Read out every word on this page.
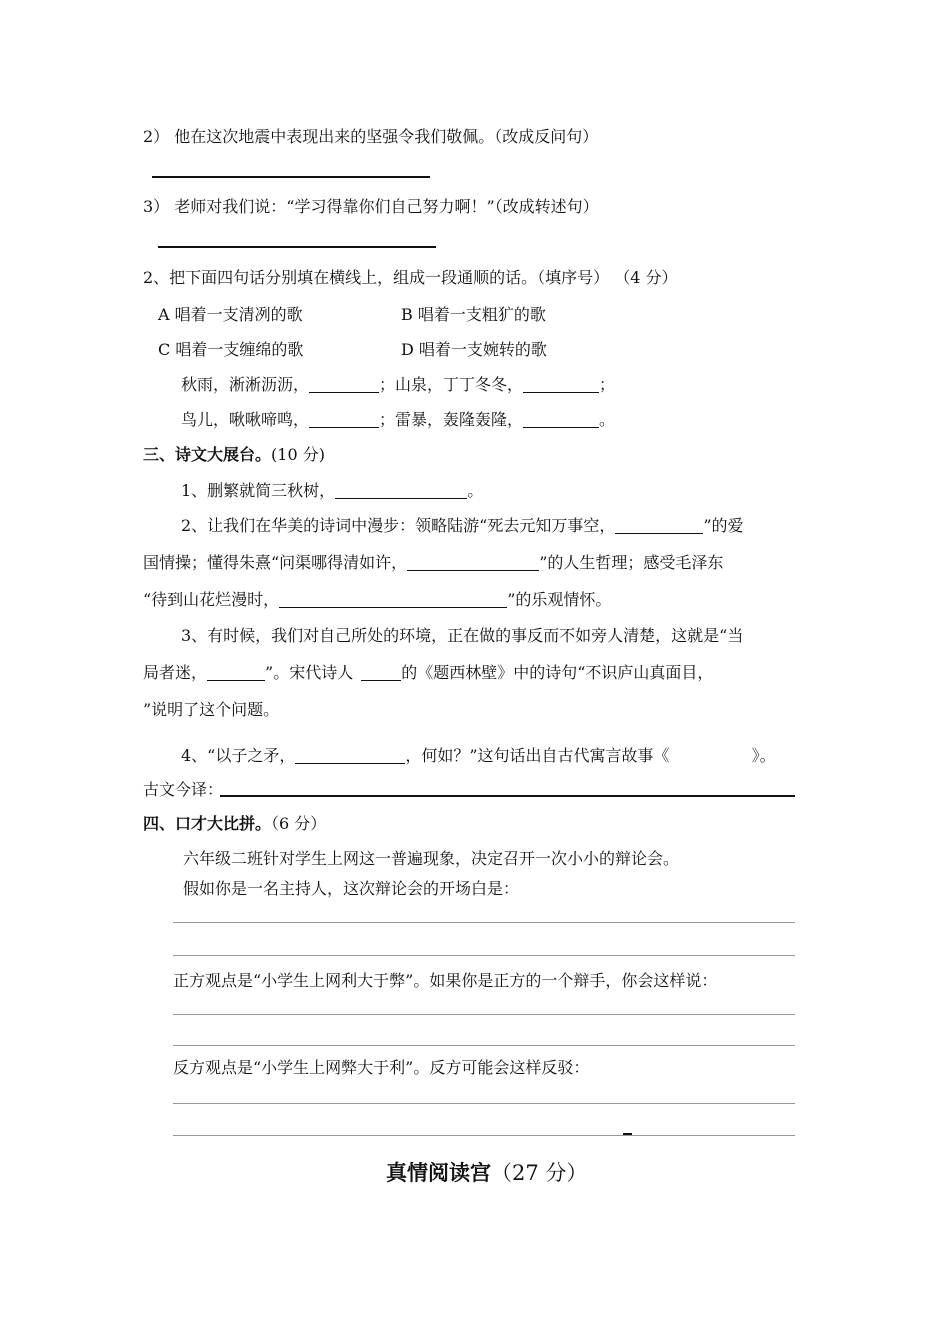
2） 他在这次地震中表现出来的坚强令我们敬佩。（改成反问句）
3） 老师对我们说：“学习得靠你们自己努力啊！”（改成转述句）
2、把下面四句话分别填在横线上，组成一段通顺的话。（填序号） （4 分）
A 唱着一支清冽的歌	B 唱着一支粗犷的歌
C 唱着一支缠绵的歌	D 唱着一支婉转的歌
秋雨，淅淅沥沥，	；山泉，丁丁冬冬，	；
鸟儿，啾啾啼鸣，	；雷暴，轰隆轰隆，	。
三、诗文大展台。(10 分)
1、删繁就简三秋树，	。
2、让我们在华美的诗词中漫步：领略陆游“死去元知万事空，	”的爱
国情操；懂得朱熹“问渠哪得清如许，	”的人生哲理；感受毛泽东
“待到山花烂漫时，	”的乐观情怀。
3、有时候，我们对自己所处的环境，正在做的事反而不如旁人清楚，这就是“当
局者迷，	”。宋代诗人	的《题西林壁》中的诗句“不识庐山真面目，
”说明了这个问题。
4、“以子之矛，	，何如？”这句话出自古代寓言故事《	》。
古文今译：
四、口才大比拼。（6 分）
六年级二班针对学生上网这一普遍现象，决定召开一次小小的辩论会。
假如你是一名主持人，这次辩论会的开场白是：
正方观点是“小学生上网利大于弊”。如果你是正方的一个辩手，你会这样说：
反方观点是“小学生上网弊大于利”。反方可能会这样反驳：
真情阅读宫（27 分）
